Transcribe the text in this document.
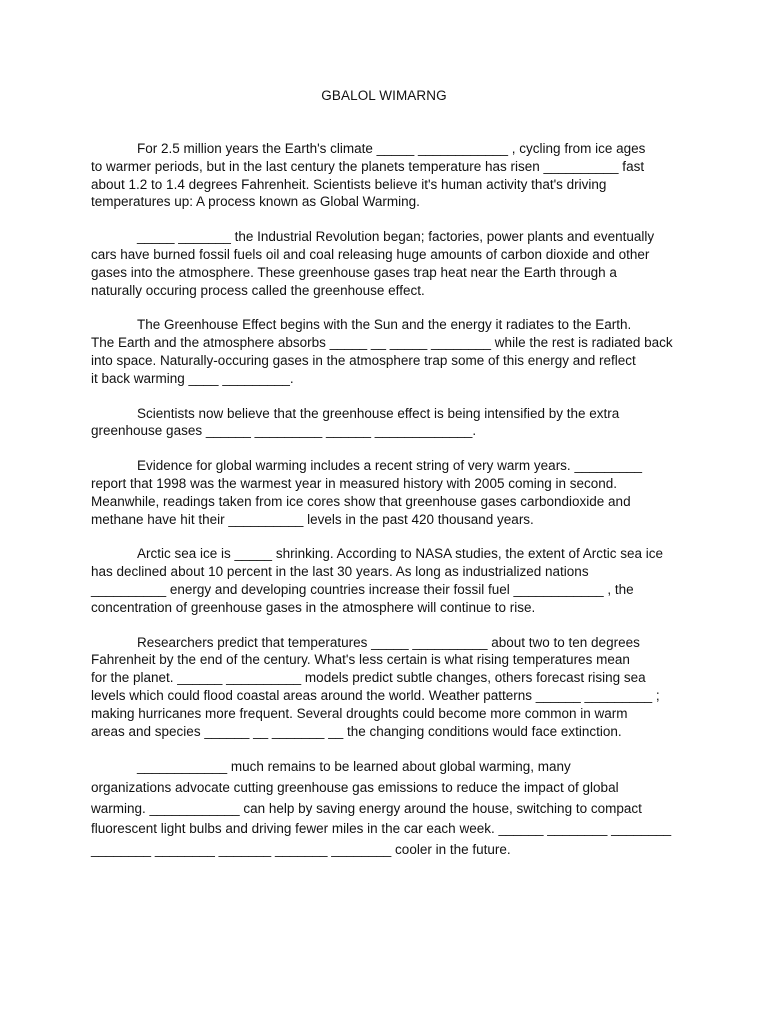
GBALOL WIMARNG
For 2.5 million years the Earth's climate _____ ____________ , cycling from ice ages
to warmer periods, but in the last century the planets temperature has risen __________ fast
about 1.2 to 1.4 degrees Fahrenheit. Scientists believe it's human activity that's driving
temperatures up: A process known as Global Warming.
_____ _______ the Industrial Revolution began; factories, power plants and eventually
cars have burned fossil fuels oil and coal releasing huge amounts of carbon dioxide and other
gases into the atmosphere. These greenhouse gases trap heat near the Earth through a
naturally occuring process called the greenhouse effect.
The Greenhouse Effect begins with the Sun and the energy it radiates to the Earth.
The Earth and the atmosphere absorbs _____ __ _____ ________ while the rest is radiated back
into space. Naturally-occuring gases in the atmosphere trap some of this energy and reflect
it back warming ____ _________.
Scientists now believe that the greenhouse effect is being intensified by the extra
greenhouse gases ______ _________ ______ _____________.
Evidence for global warming includes a recent string of very warm years. _________
report that 1998 was the warmest year in measured history with 2005 coming in second.
Meanwhile, readings taken from ice cores show that greenhouse gases carbondioxide and
methane have hit their __________ levels in the past 420 thousand years.
Arctic sea ice is _____ shrinking. According to NASA studies, the extent of Arctic sea ice
has declined about 10 percent in the last 30 years. As long as industrialized nations
__________ energy and developing countries increase their fossil fuel ____________ , the
concentration of greenhouse gases in the atmosphere will continue to rise.
Researchers predict that temperatures _____ __________ about two to ten degrees
Fahrenheit by the end of the century. What's less certain is what rising temperatures mean
for the planet. ______ __________ models predict subtle changes, others forecast rising sea
levels which could flood coastal areas around the world. Weather patterns ______ _________ ;
making hurricanes more frequent. Several droughts could become more common in warm
areas and species ______ __ _______ __ the changing conditions would face extinction.
____________ much remains to be learned about global warming, many
organizations advocate cutting greenhouse gas emissions to reduce the impact of global
warming. ____________ can help by saving energy around the house, switching to compact
fluorescent light bulbs and driving fewer miles in the car each week. ______ ________ ________
________ ________ _______ _______ ________ cooler in the future.
